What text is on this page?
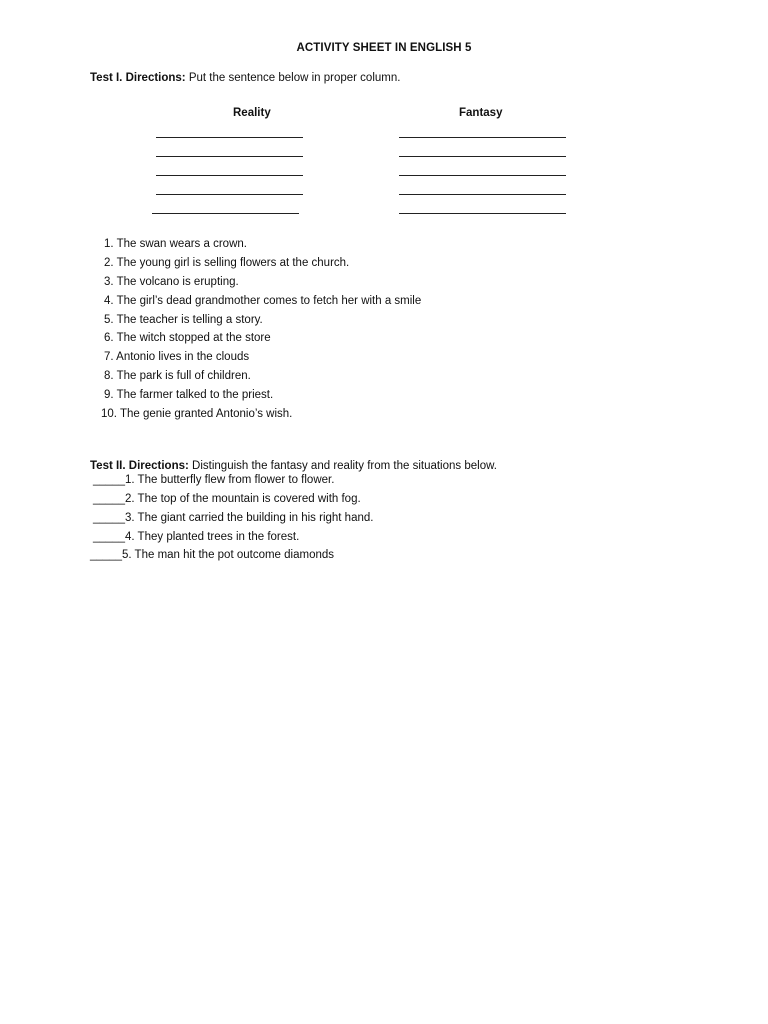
ACTIVITY SHEET IN ENGLISH 5
Test I. Directions: Put the sentence below in proper column.
Reality	Fantasy
1. The swan wears a crown.
2. The young girl is selling flowers at the church.
3. The volcano is erupting.
4. The girl’s dead grandmother comes to fetch her with a smile
5. The teacher is telling a story.
6. The witch stopped at the store
7. Antonio lives in the clouds
8. The park is full of children.
9. The farmer talked to the priest.
10. The genie granted Antonio’s wish.
Test II. Directions: Distinguish the fantasy and reality from the situations below.
_____1. The butterfly flew from flower to flower.
_____2. The top of the mountain is covered with fog.
_____3. The giant carried the building in his right hand.
_____4. They planted trees in the forest.
_____5. The man hit the pot outcome diamonds
